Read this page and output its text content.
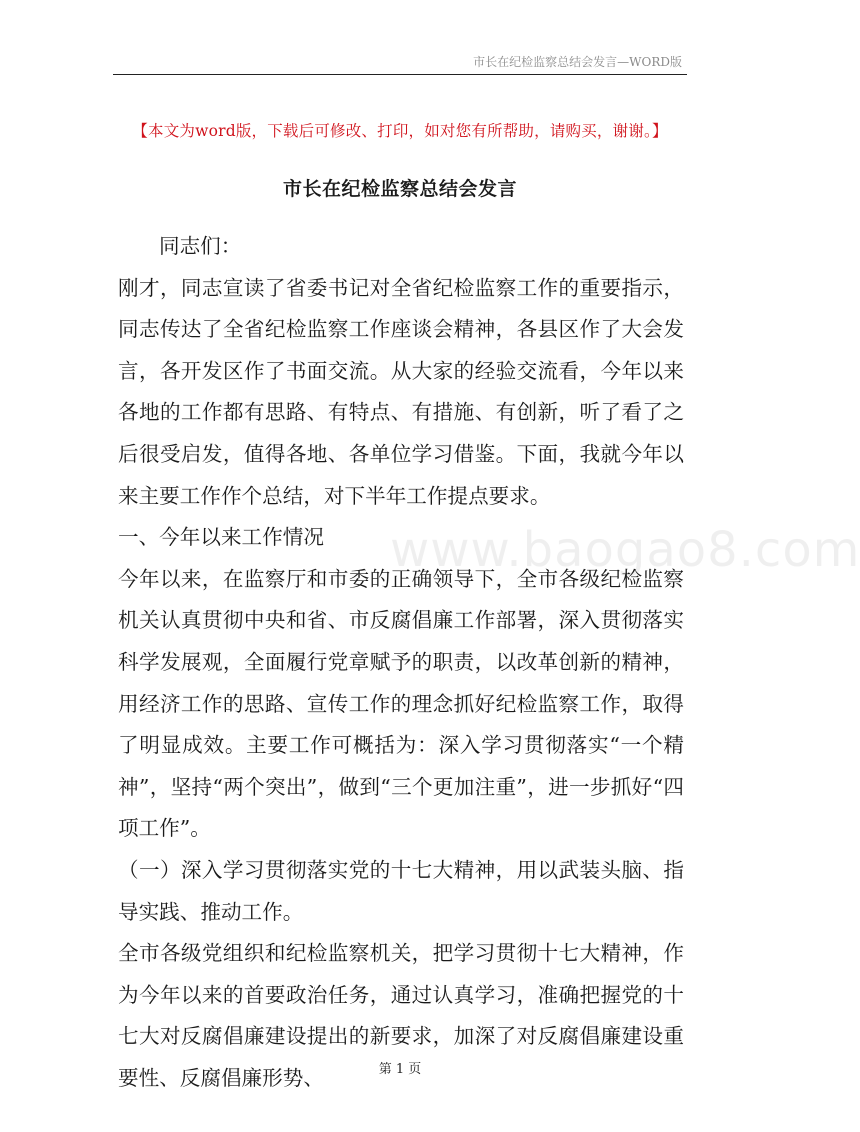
市长在纪检监察总结会发言—WORD版
【本文为word版，下载后可修改、打印，如对您有所帮助，请购买，谢谢。】
市长在纪检监察总结会发言

同志们：

刚才，同志宣读了省委书记对全省纪检监察工作的重要指示，同志传达了全省纪检监察工作座谈会精神，各县区作了大会发言，各开发区作了书面交流。从大家的经验交流看，今年以来各地的工作都有思路、有特点、有措施、有创新，听了看了之后很受启发，值得各地、各单位学习借鉴。下面，我就今年以来主要工作作个总结，对下半年工作提点要求。

一、今年以来工作情况

今年以来，在监察厅和市委的正确领导下，全市各级纪检监察机关认真贯彻中央和省、市反腐倡廉工作部署，深入贯彻落实科学发展观，全面履行党章赋予的职责，以改革创新的精神，用经济工作的思路、宣传工作的理念抓好纪检监察工作，取得了明显成效。主要工作可概括为：深入学习贯彻落实“一个精神”，坚持“两个突出”，做到“三个更加注重”，进一步抓好“四项工作”。

（一）深入学习贯彻落实党的十七大精神，用以武装头脑、指导实践、推动工作。

全市各级党组织和纪检监察机关，把学习贯彻十七大精神，作为今年以来的首要政治任务，通过认真学习，准确把握党的十七大对反腐倡廉建设提出的新要求，加深了对反腐倡廉建设重要性、反腐倡廉形势、

www.baogao8.com
第 1 页
